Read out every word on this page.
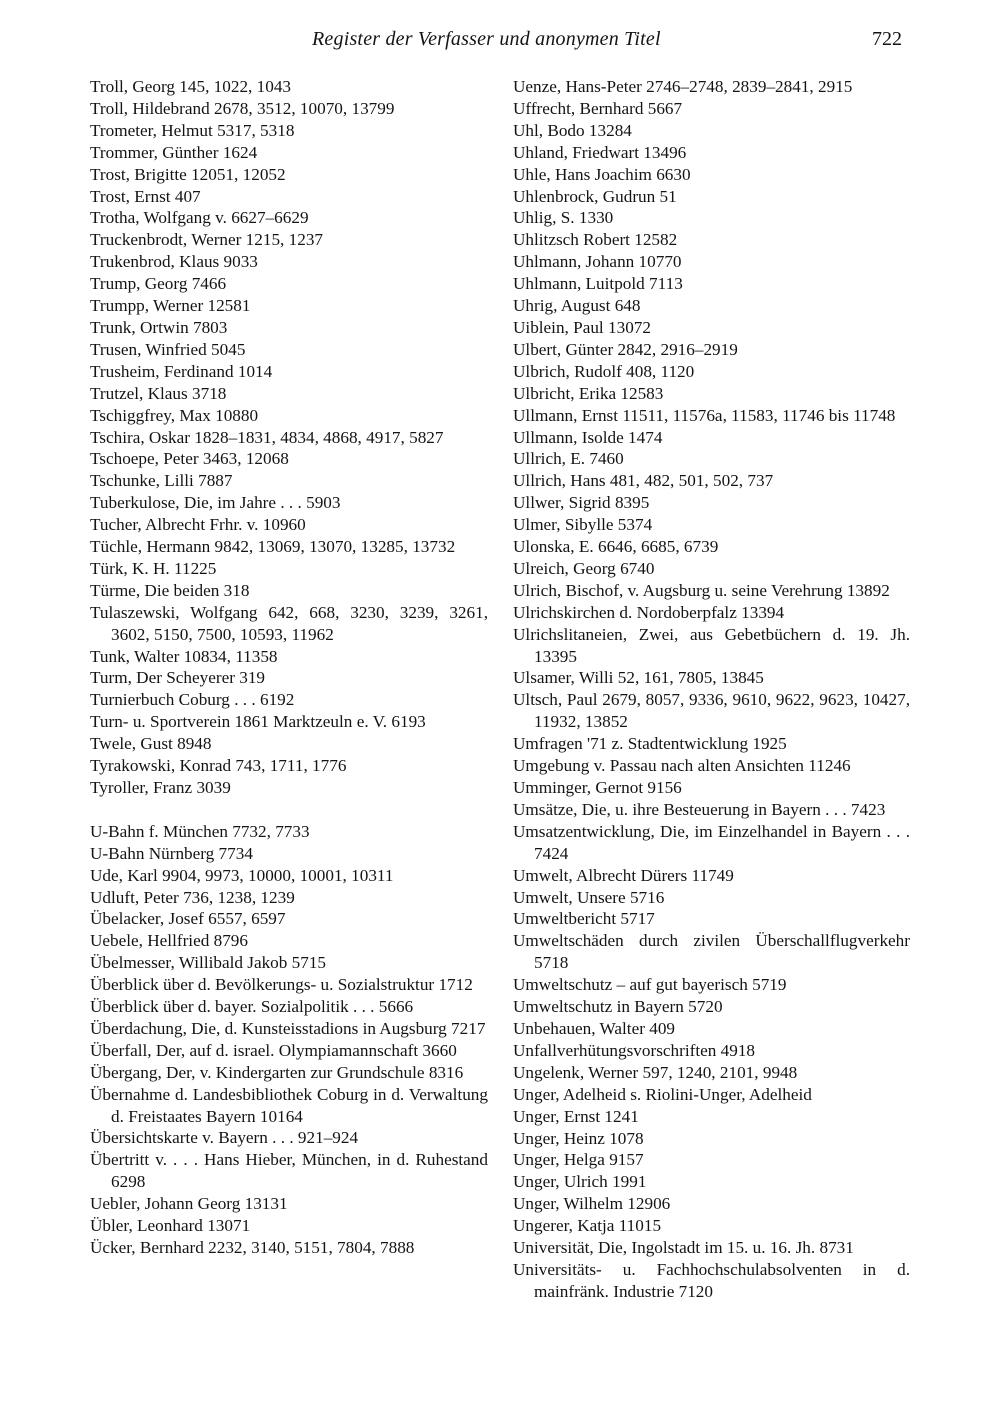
Register der Verfasser und anonymen Titel	722
Troll, Georg 145, 1022, 1043
Troll, Hildebrand 2678, 3512, 10070, 13799
Trometer, Helmut 5317, 5318
Trommer, Günther 1624
Trost, Brigitte 12051, 12052
Trost, Ernst 407
Trotha, Wolfgang v. 6627–6629
Truckenbrodt, Werner 1215, 1237
Trukenbrod, Klaus 9033
Trump, Georg 7466
Trumpp, Werner 12581
Trunk, Ortwin 7803
Trusen, Winfried 5045
Trusheim, Ferdinand 1014
Trutzel, Klaus 3718
Tschiggfrey, Max 10880
Tschira, Oskar 1828–1831, 4834, 4868, 4917, 5827
Tschoepe, Peter 3463, 12068
Tschunke, Lilli 7887
Tuberkulose, Die, im Jahre . . . 5903
Tucher, Albrecht Frhr. v. 10960
Tüchle, Hermann 9842, 13069, 13070, 13285, 13732
Türk, K. H. 11225
Türme, Die beiden 318
Tulaszewski, Wolfgang 642, 668, 3230, 3239, 3261, 3602, 5150, 7500, 10593, 11962
Tunk, Walter 10834, 11358
Turm, Der Scheyerer 319
Turnierbuch Coburg . . . 6192
Turn- u. Sportverein 1861 Marktzeuln e. V. 6193
Twele, Gust 8948
Tyrakowski, Konrad 743, 1711, 1776
Tyroller, Franz 3039
U-Bahn f. München 7732, 7733
U-Bahn Nürnberg 7734
Ude, Karl 9904, 9973, 10000, 10001, 10311
Udluft, Peter 736, 1238, 1239
Übelacker, Josef 6557, 6597
Uebele, Hellfried 8796
Übelmesser, Willibald Jakob 5715
Überblick über d. Bevölkerungs- u. Sozialstruktur 1712
Überblick über d. bayer. Sozialpolitik . . . 5666
Überdachung, Die, d. Kunsteisstadions in Augsburg 7217
Überfall, Der, auf d. israel. Olympiamannschaft 3660
Übergang, Der, v. Kindergarten zur Grundschule 8316
Übernahme d. Landesbibliothek Coburg in d. Verwaltung d. Freistaates Bayern 10164
Übersichtskarte v. Bayern . . . 921–924
Übertritt v. . . . Hans Hieber, München, in d. Ruhestand 6298
Uebler, Johann Georg 13131
Übler, Leonhard 13071
Ücker, Bernhard 2232, 3140, 5151, 7804, 7888
Uenze, Hans-Peter 2746–2748, 2839–2841, 2915
Uffrecht, Bernhard 5667
Uhl, Bodo 13284
Uhland, Friedwart 13496
Uhle, Hans Joachim 6630
Uhlenbrock, Gudrun 51
Uhlig, S. 1330
Uhlitzsch Robert 12582
Uhlmann, Johann 10770
Uhlmann, Luitpold 7113
Uhrig, August 648
Uiblein, Paul 13072
Ulbert, Günter 2842, 2916–2919
Ulbrich, Rudolf 408, 1120
Ulbricht, Erika 12583
Ullmann, Ernst 11511, 11576a, 11583, 11746 bis 11748
Ullmann, Isolde 1474
Ullrich, E. 7460
Ullrich, Hans 481, 482, 501, 502, 737
Ullwer, Sigrid 8395
Ulmer, Sibylle 5374
Ulonska, E. 6646, 6685, 6739
Ulreich, Georg 6740
Ulrich, Bischof, v. Augsburg u. seine Verehrung 13892
Ulrichskirchen d. Nordoberpfalz 13394
Ulrichslitaneien, Zwei, aus Gebetbüchern d. 19. Jh. 13395
Ulsamer, Willi 52, 161, 7805, 13845
Ultsch, Paul 2679, 8057, 9336, 9610, 9622, 9623, 10427, 11932, 13852
Umfragen '71 z. Stadtentwicklung 1925
Umgebung v. Passau nach alten Ansichten 11246
Umminger, Gernot 9156
Umsätze, Die, u. ihre Besteuerung in Bayern . . . 7423
Umsatzentwicklung, Die, im Einzelhandel in Bayern . . . 7424
Umwelt, Albrecht Dürers 11749
Umwelt, Unsere 5716
Umweltbericht 5717
Umweltschäden durch zivilen Überschallflugverkehr 5718
Umweltschutz – auf gut bayerisch 5719
Umweltschutz in Bayern 5720
Unbehauen, Walter 409
Unfallverhütungsvorschriften 4918
Ungelenk, Werner 597, 1240, 2101, 9948
Unger, Adelheid s. Riolini-Unger, Adelheid
Unger, Ernst 1241
Unger, Heinz 1078
Unger, Helga 9157
Unger, Ulrich 1991
Unger, Wilhelm 12906
Ungerer, Katja 11015
Universität, Die, Ingolstadt im 15. u. 16. Jh. 8731
Universitäts- u. Fachhochschulabsolventen in d. mainfränk. Industrie 7120
